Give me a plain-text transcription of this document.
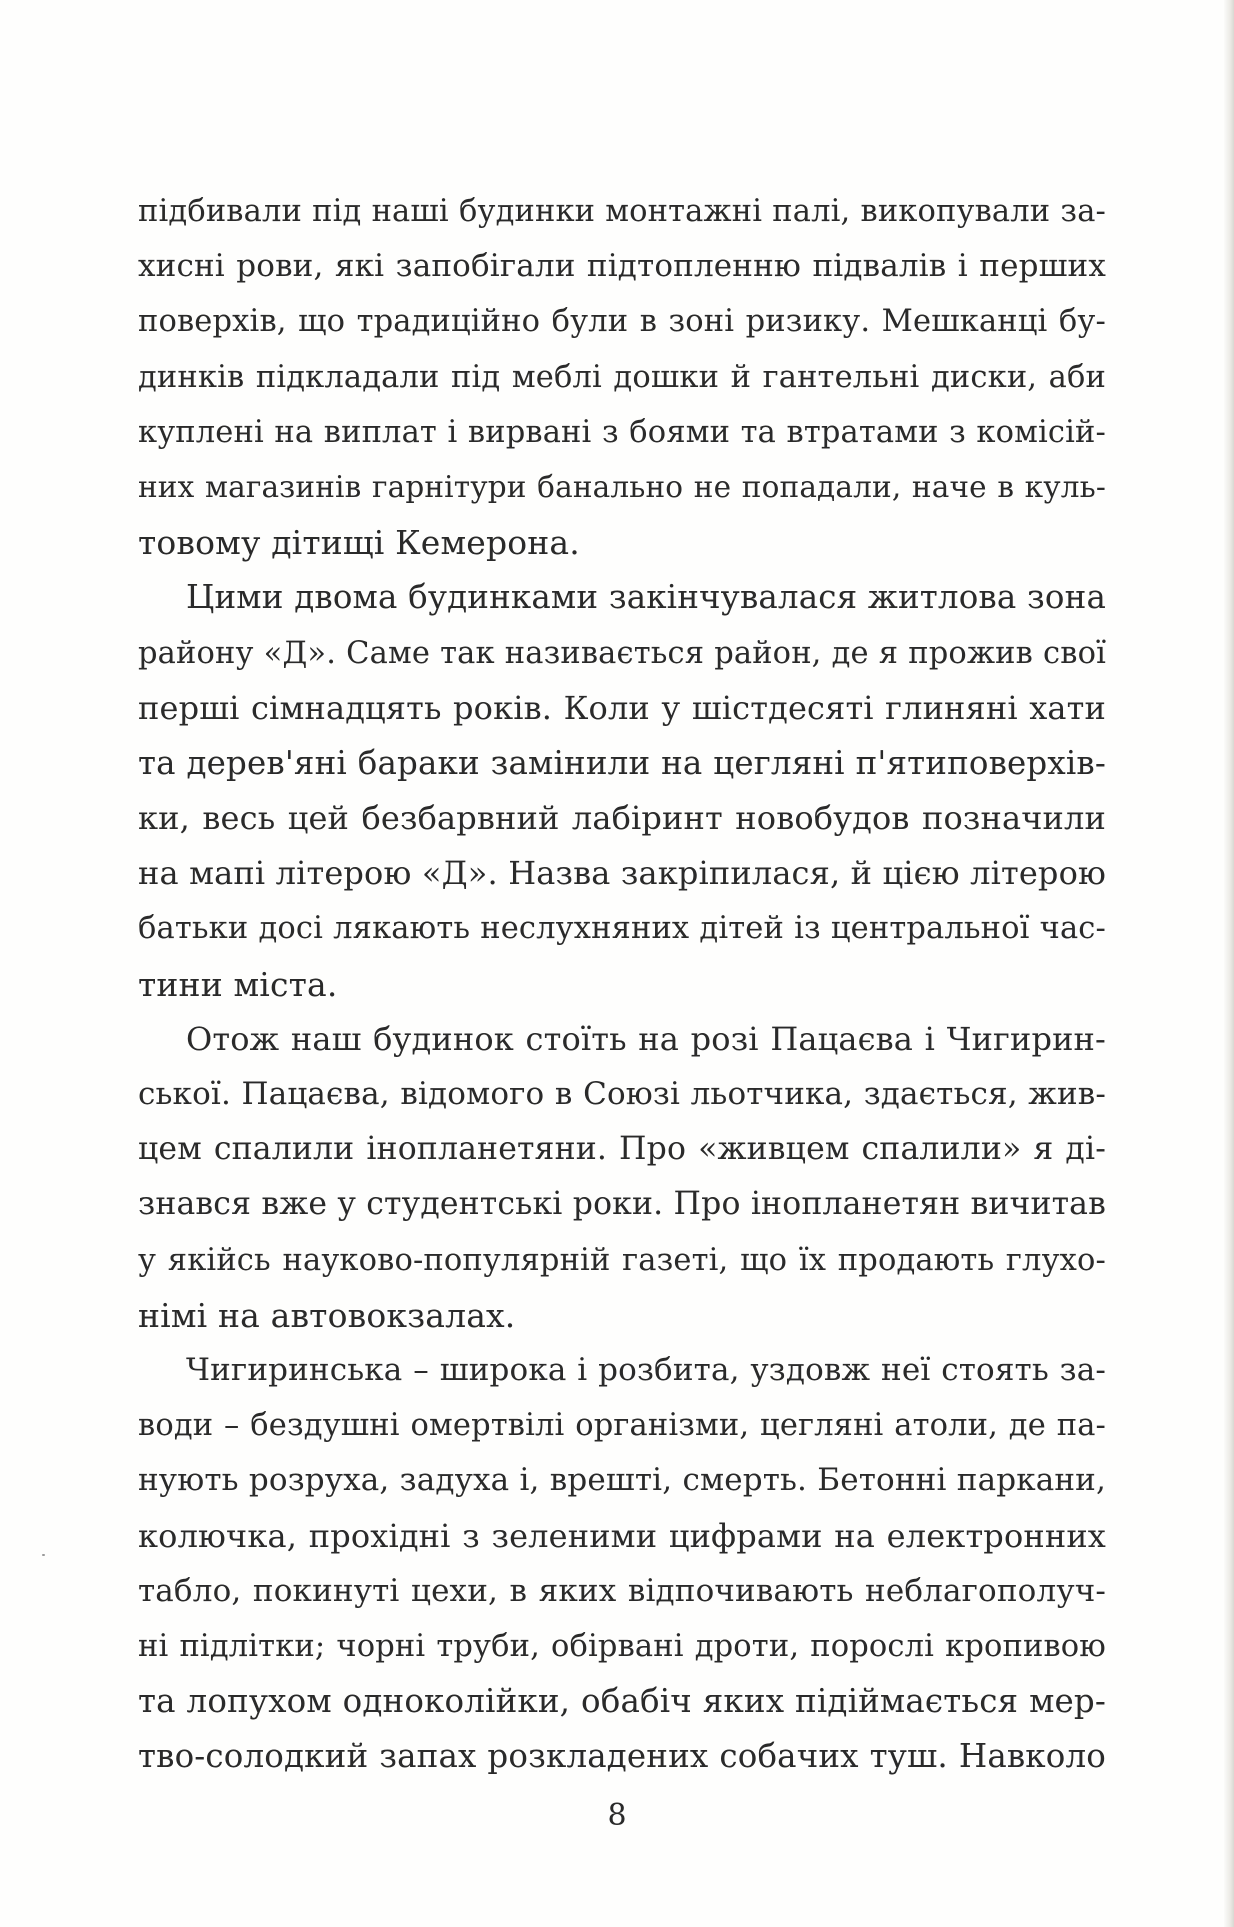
підбивали під наші будинки монтажні палі, викопували за-
хисні рови, які запобігали підтопленню підвалів і перших
поверхів, що традиційно були в зоні ризику. Мешканці бу-
динків підкладали під меблі дошки й гантельні диски, аби
куплені на виплат і вирвані з боями та втратами з комісій-
них магазинів гарнітури банально не попадали, наче в куль-
товому дітищі Кемерона.
Цими двома будинками закінчувалася житлова зона
району «Д». Саме так називається район, де я прожив свої
перші сімнадцять років. Коли у шістдесяті глиняні хати
та дерев'яні бараки замінили на цегляні п'ятиповерхів-
ки, весь цей безбарвний лабіринт новобудов позначили
на мапі літерою «Д». Назва закріпилася, й цією літерою
батьки досі лякають неслухняних дітей із центральної час-
тини міста.
Отож наш будинок стоїть на розі Пацаєва і Чигирин-
ської. Пацаєва, відомого в Союзі льотчика, здається, жив-
цем спалили інопланетяни. Про «живцем спалили» я ді-
знався вже у студентські роки. Про інопланетян вичитав
у якійсь науково-популярній газеті, що їх продають глухо-
німі на автовокзалах.
Чигиринська – широка і розбита, уздовж неї стоять за-
води – бездушні омертвілі організми, цегляні атоли, де па-
нують розруха, задуха і, врешті, смерть. Бетонні паркани,
колючка, прохідні з зеленими цифрами на електронних
табло, покинуті цехи, в яких відпочивають неблагополуч-
ні підлітки; чорні труби, обірвані дроти, порослі кропивою
та лопухом одноколійки, обабіч яких підіймається мер-
тво-солодкий запах розкладених собачих туш. Навколо
8
